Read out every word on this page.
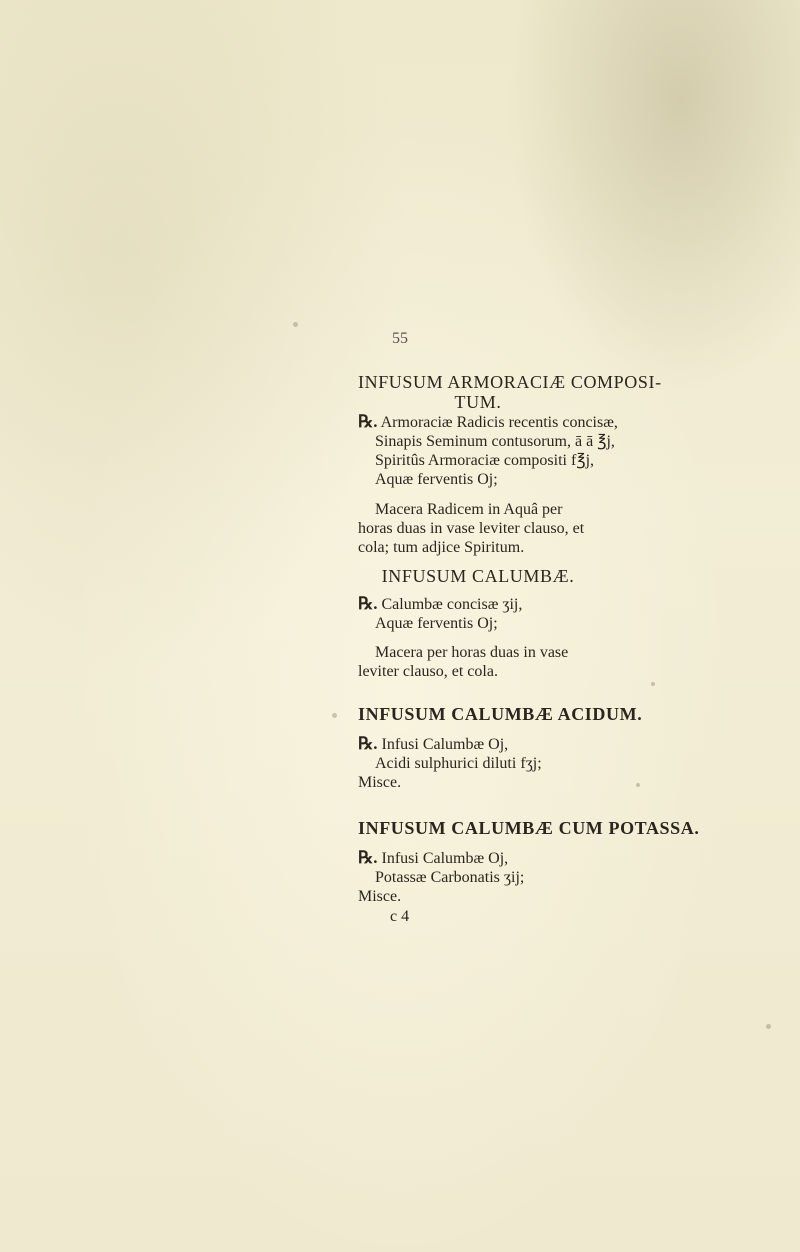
55
INFUSUM ARMORACIÆ COMPOSI-
TUM.
℞. Armoraciæ Radicis recentis concisæ,
Sinapis Seminum contusorum, ā ā ℥j,
Spiritûs Armoraciæ compositi f℥j,
Aquæ ferventis Oj;

Macera Radicem in Aquâ per horas duas in vase leviter clauso, et cola; tum adjice Spiritum.

INFUSUM CALUMBÆ.
℞. Calumbæ concisæ ʒij,
Aquæ ferventis Oj;

Macera per horas duas in vase leviter clauso, et cola.

INFUSUM CALUMBÆ ACIDUM.
℞. Infusi Calumbæ Oj,
Acidi sulphurici diluti fʒj;
Misce.
INFUSUM CALUMBÆ CUM POTASSA.
℞. Infusi Calumbæ Oj,
Potassæ Carbonatis ʒij;
Misce.
c 4
